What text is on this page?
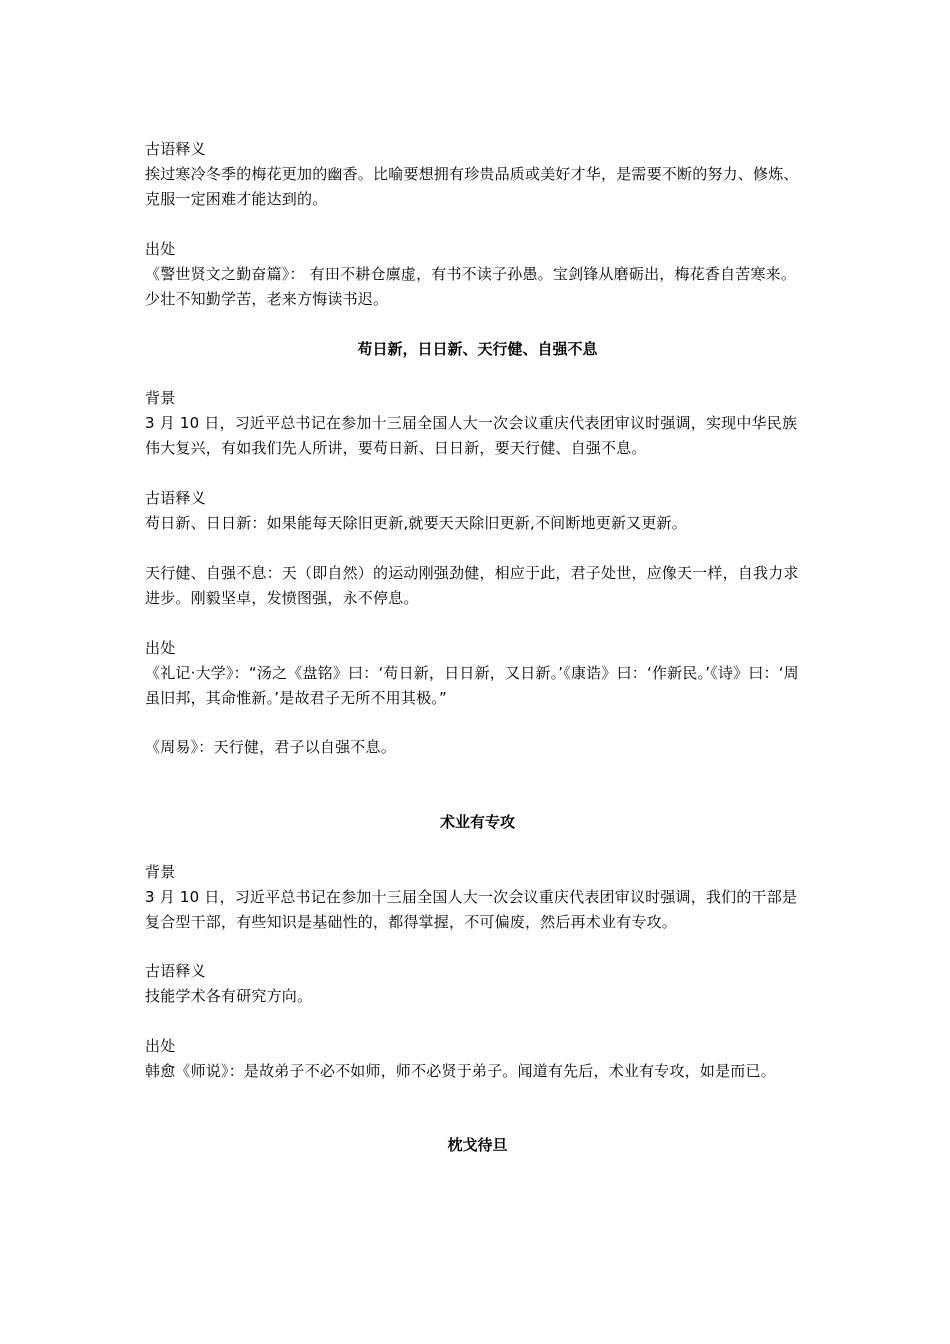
古语释义

挨过寒冷冬季的梅花更加的幽香。比喻要想拥有珍贵品质或美好才华，是需要不断的努力、修炼、克服一定困难才能达到的。

出处

《警世贤文之勤奋篇》： 有田不耕仓廪虚，有书不读子孙愚。宝剑锋从磨砺出，梅花香自苦寒来。少壮不知勤学苦，老来方悔读书迟。

苟日新，日日新、天行健、自强不息

背景

3 月 10 日，习近平总书记在参加十三届全国人大一次会议重庆代表团审议时强调，实现中华民族伟大复兴，有如我们先人所讲，要苟日新、日日新，要天行健、自强不息。

古语释义

苟日新、日日新：如果能每天除旧更新,就要天天除旧更新,不间断地更新又更新。

天行健、自强不息：天（即自然）的运动刚强劲健，相应于此，君子处世，应像天一样，自我力求进步。刚毅坚卓，发愤图强，永不停息。

出处

《礼记·大学》：“汤之《盘铭》曰：‘苟日新，日日新，又日新。’《康诰》曰：‘作新民。’《诗》曰：‘周虽旧邦，其命惟新。’是故君子无所不用其极。”

《周易》：天行健，君子以自强不息。

术业有专攻

背景

3 月 10 日，习近平总书记在参加十三届全国人大一次会议重庆代表团审议时强调，我们的干部是复合型干部，有些知识是基础性的，都得掌握，不可偏废，然后再术业有专攻。

古语释义

技能学术各有研究方向。

出处

韩愈《师说》：是故弟子不必不如师，师不必贤于弟子。闻道有先后，术业有专攻，如是而已。

枕戈待旦
